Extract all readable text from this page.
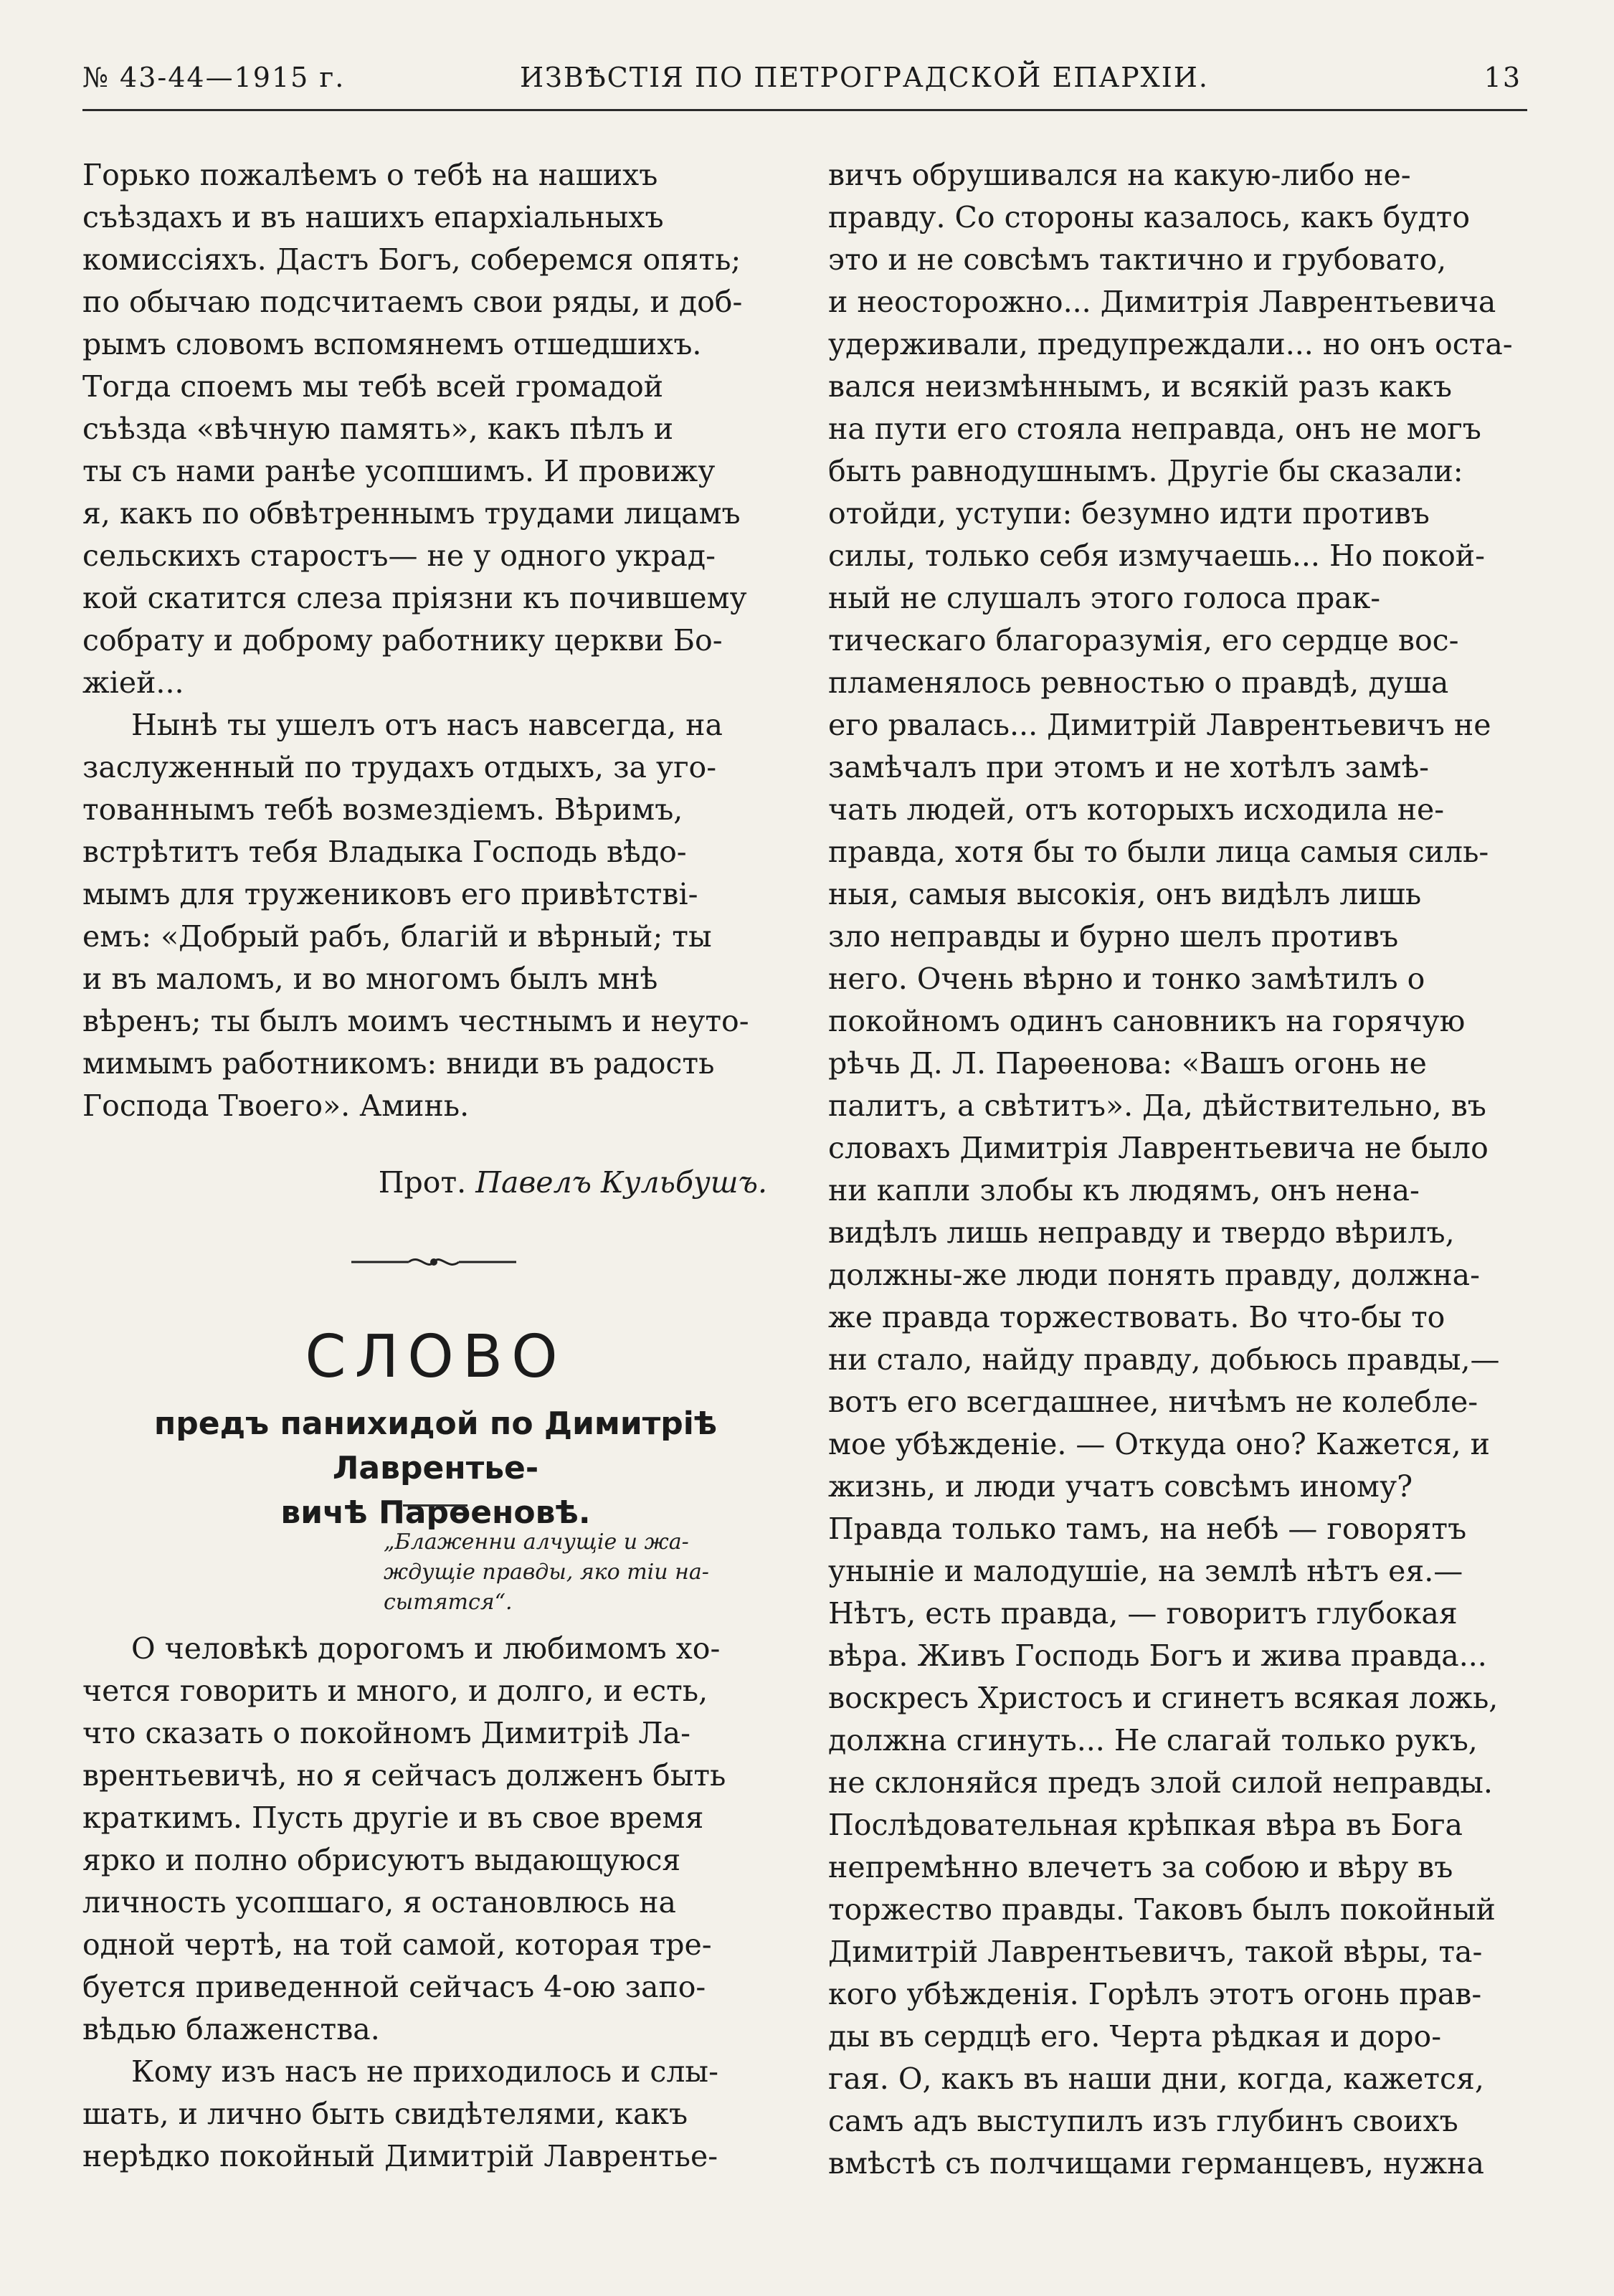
№ 43-44—1915 г.	ИЗВѢСТІЯ ПО ПЕТРОГРАДСКОЙ ЕПАРХІИ.	13
Горько пожалѣемъ о тебѣ на нашихъ
съѣздахъ и въ нашихъ епархіальныхъ
комиссіяхъ. Дастъ Богъ, соберемся опять;
по обычаю подсчитаемъ свои ряды, и доб-
рымъ словомъ вспомянемъ отшедшихъ.
Тогда споемъ мы тебѣ всей громадой
съѣзда «вѣчную память», какъ пѣлъ и
ты съ нами ранѣе усопшимъ. И провижу
я, какъ по обвѣтреннымъ трудами лицамъ
сельскихъ старостъ— не у одного украд-
кой скатится слеза пріязни къ почившему
собрату и доброму работнику церкви Бо-
жіей...
Нынѣ ты ушелъ отъ насъ навсегда, на
заслуженный по трудахъ отдыхъ, за уго-
тованнымъ тебѣ возмездіемъ. Вѣримъ,
встрѣтитъ тебя Владыка Господь вѣдо-
мымъ для тружениковъ его привѣтствi-
емъ: «Добрый рабъ, благій и вѣрный; ты
и въ маломъ, и во многомъ былъ мнѣ
вѣренъ; ты былъ моимъ честнымъ и неуто-
мимымъ работникомъ: вниди въ радость
Господа Твоего». Аминь.
Прот. Павелъ Кульбушъ.
СЛОВО
предъ панихидой по Димитріѣ Лаврентье-
вичѣ Парѳеновѣ.
„Блаженни алчущіе и жа-
ждущіе правды, яко тіи на-
сытятся“.
О человѣкѣ дорогомъ и любимомъ хо-
чется говорить и много, и долго, и есть,
что сказать о покойномъ Димитріѣ Ла-
врентьевичѣ, но я сейчасъ долженъ быть
краткимъ. Пусть другіе и въ свое время
ярко и полно обрисуютъ выдающуюся
личность усопшаго, я остановлюсь на
одной чертѣ, на той самой, которая тре-
буется приведенной сейчасъ 4-ою запо-
вѣдью блаженства.
Кому изъ насъ не приходилось и слы-
шать, и лично быть свидѣтелями, какъ
нерѣдко покойный Димитрій Лаврентье-
вичъ обрушивался на какую-либо не-
правду. Со стороны казалось, какъ будто
это и не совсѣмъ тактично и грубовато,
и неосторожно... Димитрія Лаврентьевича
удерживали, предупреждали... но онъ оста-
вался неизмѣннымъ, и всякій разъ какъ
на пути его стояла неправда, онъ не могъ
быть равнодушнымъ. Другіе бы сказали:
отойди, уступи: безумно идти противъ
силы, только себя измучаешь... Но покой-
ный не слушалъ этого голоса прак-
тическаго благоразумія, его сердце вос-
пламенялось ревностью о правдѣ, душа
его рвалась... Димитрій Лаврентьевичъ не
замѣчалъ при этомъ и не хотѣлъ замѣ-
чать людей, отъ которыхъ исходила не-
правда, хотя бы то были лица самыя силь-
ныя, самыя высокія, онъ видѣлъ лишь
зло неправды и бурно шелъ противъ
него. Очень вѣрно и тонко замѣтилъ о
покойномъ одинъ сановникъ на горячую
рѣчь Д. Л. Парѳенова: «Вашъ огонь не
палитъ, а свѣтитъ». Да, дѣйствительно, въ
словахъ Димитрія Лаврентьевича не было
ни капли злобы къ людямъ, онъ нена-
видѣлъ лишь неправду и твердо вѣрилъ,
должны-же люди понять правду, должна-
же правда торжествовать. Во что-бы то
ни стало, найду правду, добьюсь правды,—
вотъ его всегдашнее, ничѣмъ не колеблe-
мое убѣжденіе. — Откуда оно? Кажется, и
жизнь, и люди учатъ совсѣмъ иному?
Правда только тамъ, на небѣ — говорятъ
уныніе и малодушіе, на землѣ нѣтъ ея.—
Нѣтъ, есть правда, — говоритъ глубокая
вѣра. Живъ Господь Богъ и жива правда...
воскресъ Христосъ и сгинетъ всякая ложь,
должна сгинуть... Не слагай только рукъ,
не склоняйся предъ злой силой неправды.
Послѣдовательная крѣпкая вѣра въ Бога
непремѣнно влечетъ за собою и вѣру въ
торжество правды. Таковъ былъ покойный
Димитрій Лаврентьевичъ, такой вѣры, та-
кого убѣжденія. Горѣлъ этотъ огонь прав-
ды въ сердцѣ его. Черта рѣдкая и доро-
гая. О, какъ въ наши дни, когда, кажется,
самъ адъ выступилъ изъ глубинъ своихъ
вмѣстѣ съ полчищами германцевъ, нужна
